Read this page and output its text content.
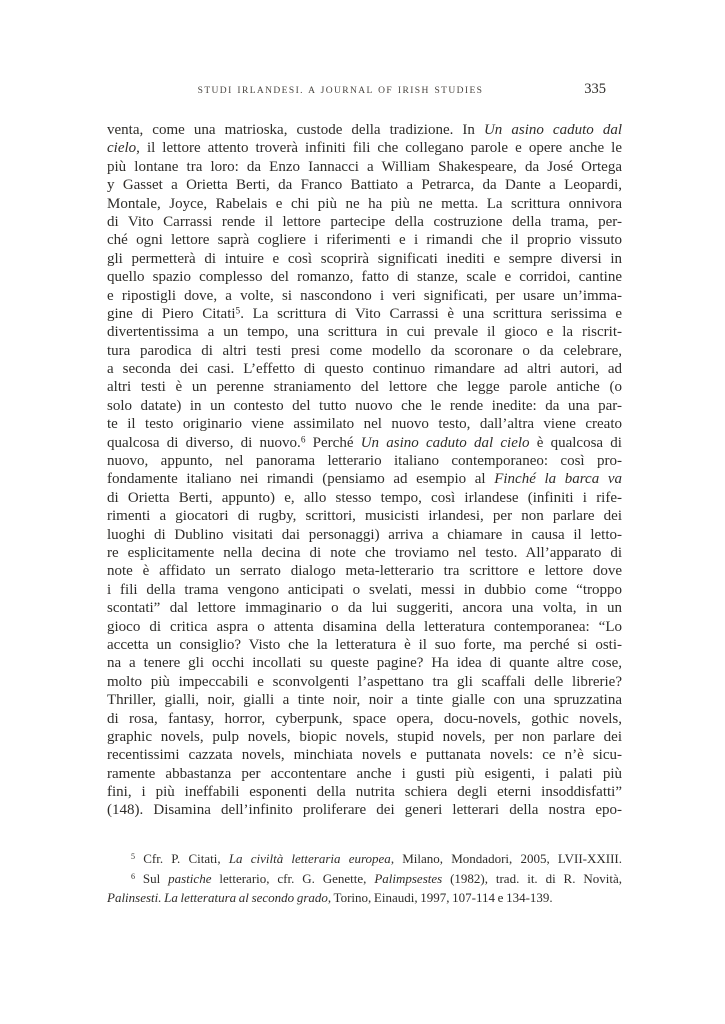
STUDI IRLANDESI. A JOURNAL OF IRISH STUDIES	335
venta, come una matrioska, custode della tradizione. In Un asino caduto dal
cielo, il lettore attento troverà infiniti fili che collegano parole e opere anche le
più lontane tra loro: da Enzo Iannacci a William Shakespeare, da José Ortega
y Gasset a Orietta Berti, da Franco Battiato a Petrarca, da Dante a Leopardi,
Montale, Joyce, Rabelais e chi più ne ha più ne metta. La scrittura onnivora
di Vito Carrassi rende il lettore partecipe della costruzione della trama, per-
ché ogni lettore saprà cogliere i riferimenti e i rimandi che il proprio vissuto
gli permetterà di intuire e così scoprirà significati inediti e sempre diversi in
quello spazio complesso del romanzo, fatto di stanze, scale e corridoi, cantine
e ripostigli dove, a volte, si nascondono i veri significati, per usare un’imma-
gine di Piero Citati$^5$. La scrittura di Vito Carrassi è una scrittura serissima e
divertentissima a un tempo, una scrittura in cui prevale il gioco e la riscrit-
tura parodica di altri testi presi come modello da scoronare o da celebrare,
a seconda dei casi. L’effetto di questo continuo rimandare ad altri autori, ad
altri testi è un perenne straniamento del lettore che legge parole antiche (o
solo datate) in un contesto del tutto nuovo che le rende inedite: da una par-
te il testo originario viene assimilato nel nuovo testo, dall’altra viene creato
qualcosa di diverso, di nuovo.$^6$ Perché Un asino caduto dal cielo è qualcosa di
nuovo, appunto, nel panorama letterario italiano contemporaneo: così pro-
fondamente italiano nei rimandi (pensiamo ad esempio al Finché la barca va
di Orietta Berti, appunto) e, allo stesso tempo, così irlandese (infiniti i rife-
rimenti a giocatori di rugby, scrittori, musicisti irlandesi, per non parlare dei
luoghi di Dublino visitati dai personaggi) arriva a chiamare in causa il letto-
re esplicitamente nella decina di note che troviamo nel testo. All’apparato di
note è affidato un serrato dialogo meta-letterario tra scrittore e lettore dove
i fili della trama vengono anticipati o svelati, messi in dubbio come “troppo
scontati” dal lettore immaginario o da lui suggeriti, ancora una volta, in un
gioco di critica aspra o attenta disamina della letteratura contemporanea: “Lo
accetta un consiglio? Visto che la letteratura è il suo forte, ma perché si osti-
na a tenere gli occhi incollati su queste pagine? Ha idea di quante altre cose,
molto più impeccabili e sconvolgenti l’aspettano tra gli scaffali delle librerie?
Thriller, gialli, noir, gialli a tinte noir, noir a tinte gialle con una spruzzatina
di rosa, fantasy, horror, cyberpunk, space opera, docu-novels, gothic novels,
graphic novels, pulp novels, biopic novels, stupid novels, per non parlare dei
recentissimi cazzata novels, minchiata novels e puttanata novels: ce n’è sicu-
ramente abbastanza per accontentare anche i gusti più esigenti, i palati più
fini, i più ineffabili esponenti della nutrita schiera degli eterni insoddisfatti”
(148). Disamina dell’infinito proliferare dei generi letterari della nostra epo-
$^5$ Cfr. P. Citati, La civiltà letteraria europea, Milano, Mondadori, 2005, LVII-XXIII.
$^6$ Sul pastiche letterario, cfr. G. Genette, Palimpsestes (1982), trad. it. di R. Novità,
Palinsesti. La letteratura al secondo grado, Torino, Einaudi, 1997, 107-114 e 134-139.
